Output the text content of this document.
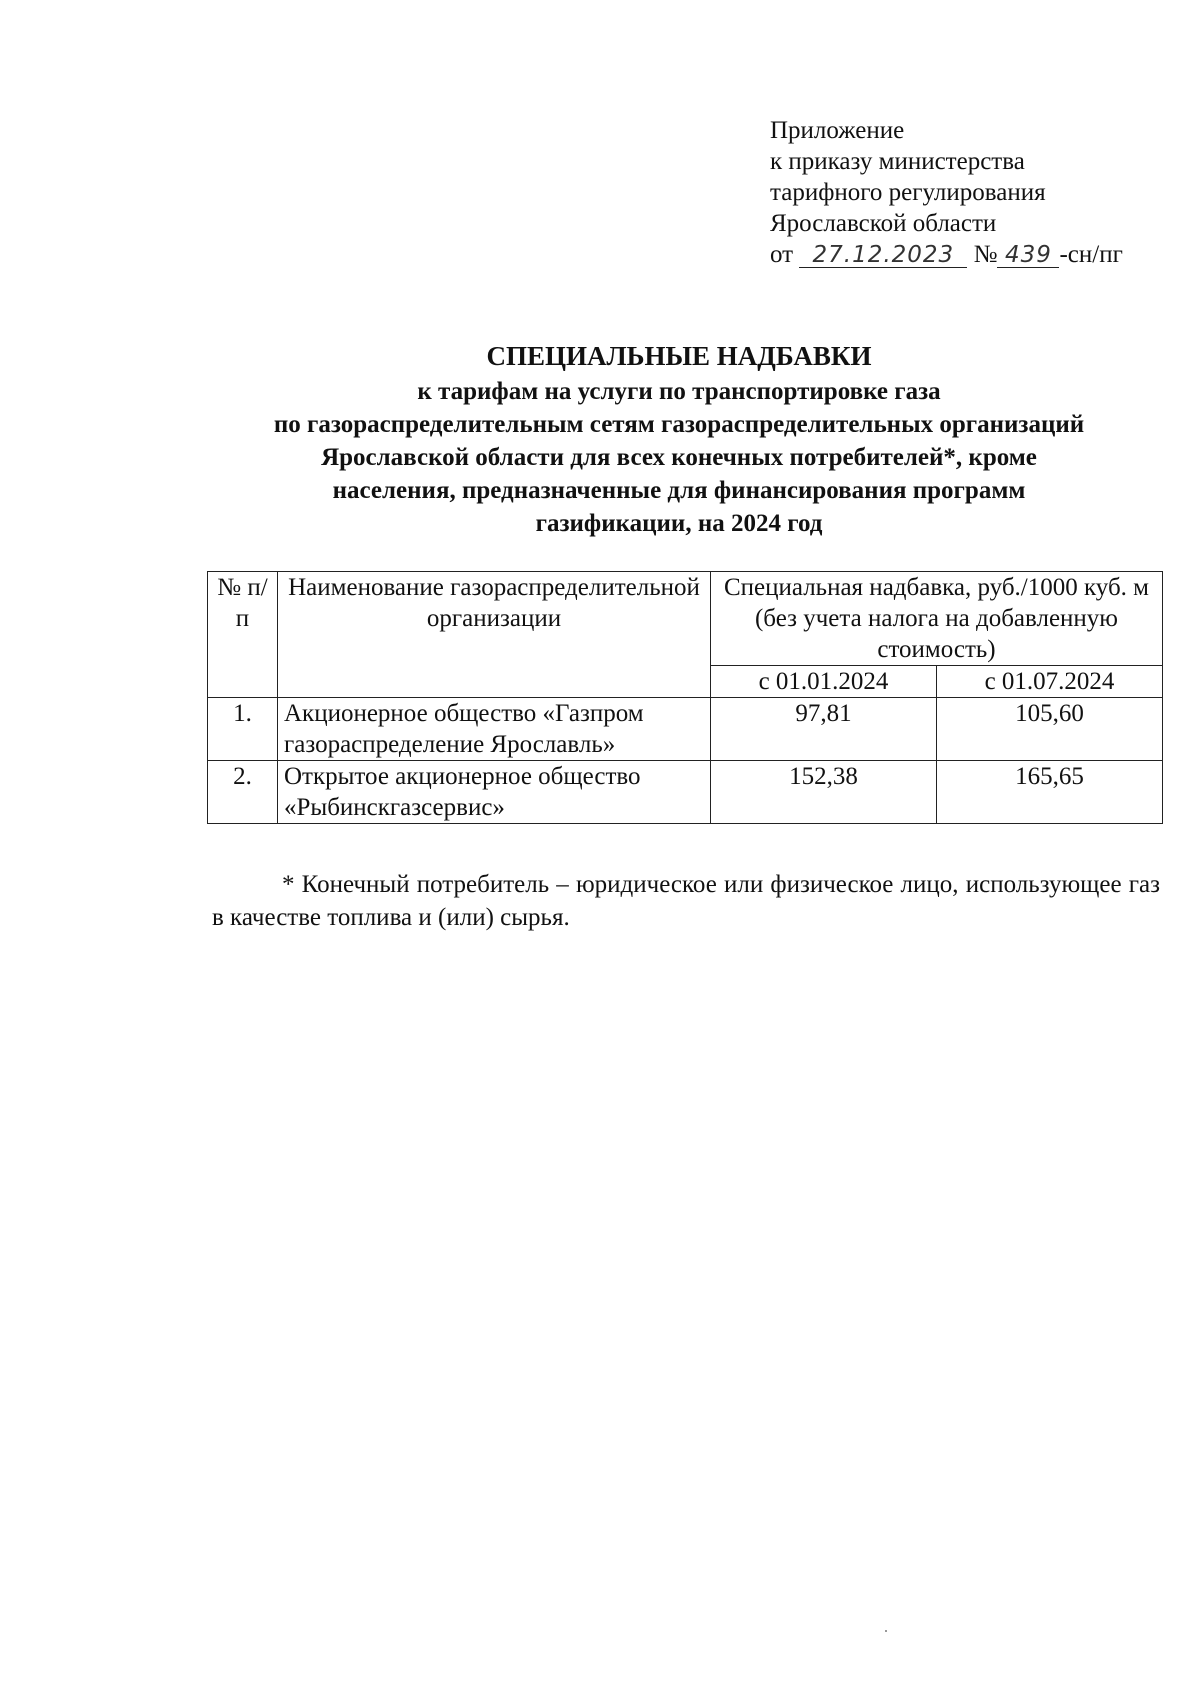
Приложение
к приказу министерства
тарифного регулирования
Ярославской области
от 27.12.2023 № 439 -сн/пг
СПЕЦИАЛЬНЫЕ НАДБАВКИ
к тарифам на услуги по транспортировке газа
по газораспределительным сетям газораспределительных организаций
Ярославской области для всех конечных потребителей*, кроме
населения, предназначенные для финансирования программ
газификации, на 2024 год
№ п/п	Наименование газораспределительной организации	Специальная надбавка, руб./1000 куб. м (без учета налога на добавленную стоимость)	
		с 01.01.2024	с 01.07.2024
1.	Акционерное общество «Газпром газораспределение Ярославль»	97,81	105,60
2.	Открытое акционерное общество «Рыбинскгазсервис»	152,38	165,65
* Конечный потребитель – юридическое или физическое лицо, использующее газ в качестве топлива и (или) сырья.
